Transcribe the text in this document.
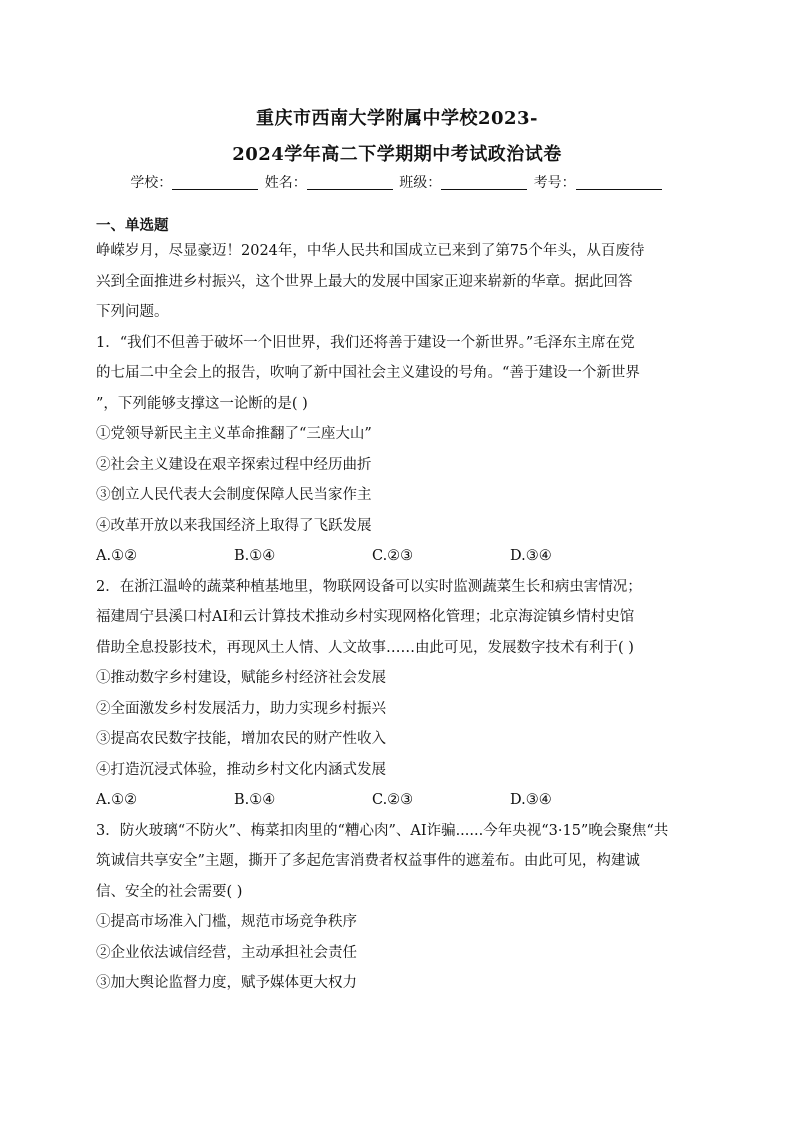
重庆市西南大学附属中学校2023-
2024学年高二下学期期中考试政治试卷
学校：	姓名：	班级：	考号：
一、单选题

峥嵘岁月，尽显豪迈！2024年，中华人民共和国成立已来到了第75个年头，从百废待

兴到全面推进乡村振兴，这个世界上最大的发展中国家正迎来崭新的华章。据此回答

下列问题。

1．“我们不但善于破坏一个旧世界，我们还将善于建设一个新世界。”毛泽东主席在党

的七届二中全会上的报告，吹响了新中国社会主义建设的号角。“善于建设一个新世界

”，下列能够支撑这一论断的是( )

①党领导新民主主义革命推翻了“三座大山”

②社会主义建设在艰辛探索过程中经历曲折

③创立人民代表大会制度保障人民当家作主

④改革开放以来我国经济上取得了飞跃发展

A.①②	B.①④	C.②③	D.③④

2．在浙江温岭的蔬菜种植基地里，物联网设备可以实时监测蔬菜生长和病虫害情况；

福建周宁县溪口村AI和云计算技术推动乡村实现网格化管理；北京海淀镇乡情村史馆

借助全息投影技术，再现风土人情、人文故事……由此可见，发展数字技术有利于( )

①推动数字乡村建设，赋能乡村经济社会发展

②全面激发乡村发展活力，助力实现乡村振兴

③提高农民数字技能，增加农民的财产性收入

④打造沉浸式体验，推动乡村文化内涵式发展

A.①②	B.①④	C.②③	D.③④

3．防火玻璃“不防火”、梅菜扣肉里的“糟心肉”、AI诈骗......今年央视“3·15”晚会聚焦“共

筑诚信共享安全”主题，撕开了多起危害消费者权益事件的遮羞布。由此可见，构建诚

信、安全的社会需要( )

①提高市场准入门槛，规范市场竞争秩序

②企业依法诚信经营，主动承担社会责任

③加大舆论监督力度，赋予媒体更大权力
